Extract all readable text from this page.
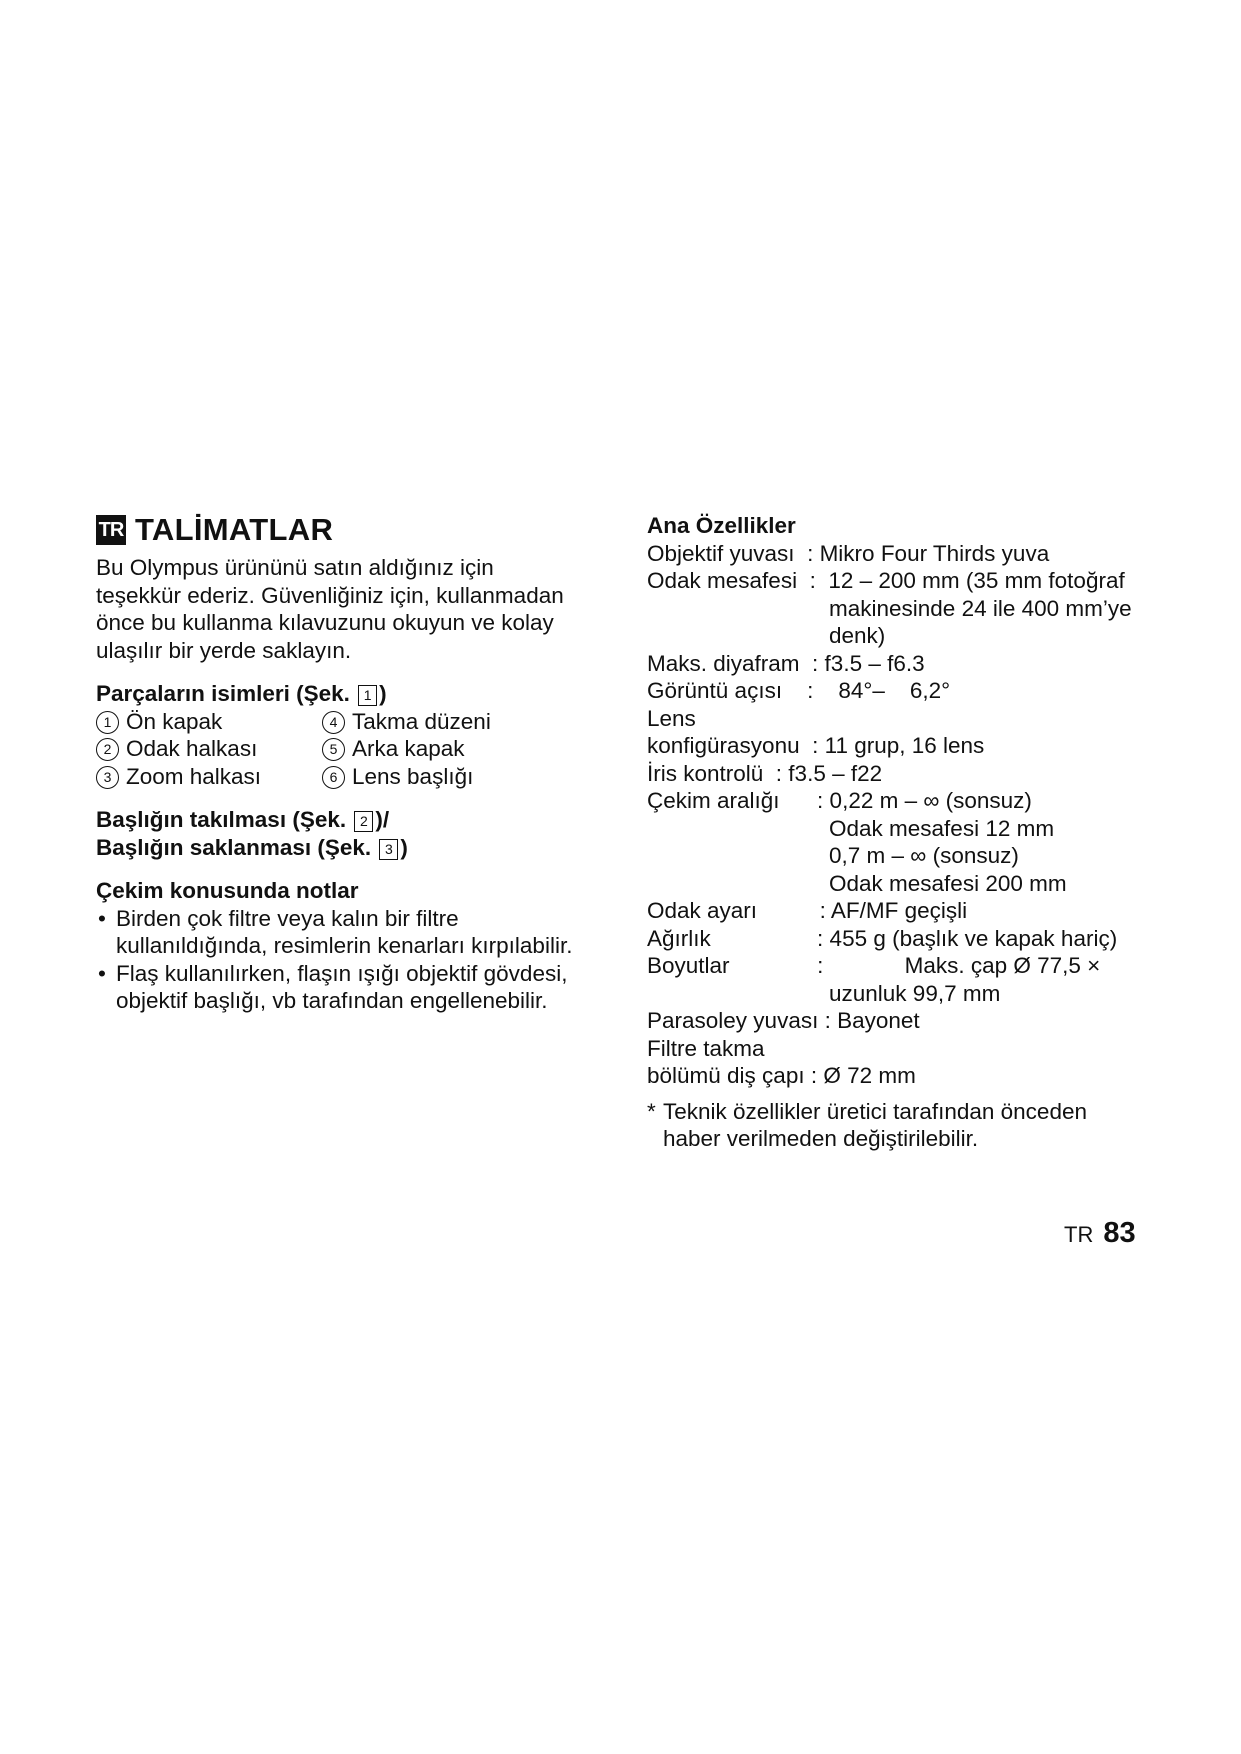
TR TALİMATLAR
Bu Olympus ürününü satın aldığınız için
teşekkür ederiz. Güvenliğiniz için, kullanmadan
önce bu kullanma kılavuzunu okuyun ve kolay
ulaşılır bir yerde saklayın.
Parçaların isimleri (Şek. 1 )
1 Ön kapak	4 Takma düzeni
2 Odak halkası	5 Arka kapak
3 Zoom halkası	6 Lens başlığı
Başlığın takılması (Şek. 2 )/
Başlığın saklanması (Şek. 3 )
Çekim konusunda notlar
• Birden çok filtre veya kalın bir filtre
kullanıldığında, resimlerin kenarları kırpılabilir.
• Flaş kullanılırken, flaşın ışığı objektif gövdesi,
objektif başlığı, vb tarafından engellenebilir.
Ana Özellikler
Objektif yuvası : Mikro Four Thirds yuva
Odak mesafesi :  12 – 200 mm (35 mm fotoğraf
makinesinde 24 ile 400 mm’ye
denk)
Maks. diyafram : f3.5 – f6.3
Görüntü açısı :    84°–    6,2°
Lens
konfigürasyonu : 11 grup, 16 lens
İris kontrolü : f3.5 – f22
Çekim aralığı : 0,22 m – ∞ (sonsuz)
Odak mesafesi 12 mm
0,7 m – ∞ (sonsuz)
Odak mesafesi 200 mm
Odak ayarı : AF/MF geçişli
Ağırlık : 455 g (başlık ve kapak hariç)
Boyutlar :             Maks. çap Ø 77,5 ×
uzunluk 99,7 mm
Parasoley yuvası : Bayonet
Filtre takma
bölümü diş çapı : Ø 72 mm
* Teknik özellikler üretici tarafından önceden
haber verilmeden değiştirilebilir.
TR 83
